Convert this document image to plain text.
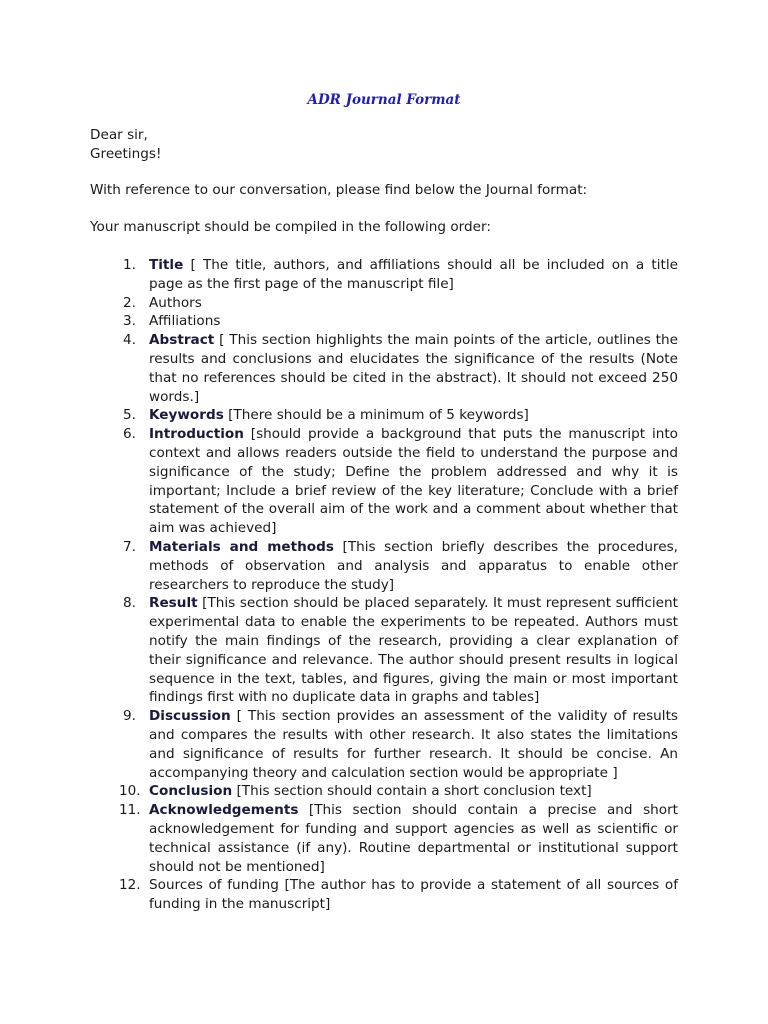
ADR Journal Format
Dear sir,
Greetings!

With reference to our conversation, please find below the Journal format:

Your manuscript should be compiled in the following order:

1. Title [ The title, authors, and affiliations should all be included on a title page as the first page of the manuscript file]
2. Authors
3. Affiliations
4. Abstract [ This section highlights the main points of the article, outlines the results and conclusions and elucidates the significance of the results (Note that no references should be cited in the abstract). It should not exceed 250 words.]
5. Keywords [There should be a minimum of 5 keywords]
6. Introduction [should provide a background that puts the manuscript into context and allows readers outside the field to understand the purpose and significance of the study; Define the problem addressed and why it is important; Include a brief review of the key literature; Conclude with a brief statement of the overall aim of the work and a comment about whether that aim was achieved]
7. Materials and methods [This section briefly describes the procedures, methods of observation and analysis and apparatus to enable other researchers to reproduce the study]
8. Result [This section should be placed separately. It must represent sufficient experimental data to enable the experiments to be repeated. Authors must notify the main findings of the research, providing a clear explanation of their significance and relevance. The author should present results in logical sequence in the text, tables, and figures, giving the main or most important findings first with no duplicate data in graphs and tables]
9. Discussion [ This section provides an assessment of the validity of results and compares the results with other research. It also states the limitations and significance of results for further research. It should be concise. An accompanying theory and calculation section would be appropriate ]
10. Conclusion [This section should contain a short conclusion text]
11. Acknowledgements [This section should contain a precise and short acknowledgement for funding and support agencies as well as scientific or technical assistance (if any). Routine departmental or institutional support should not be mentioned]
12. Sources of funding [The author has to provide a statement of all sources of funding in the manuscript]
